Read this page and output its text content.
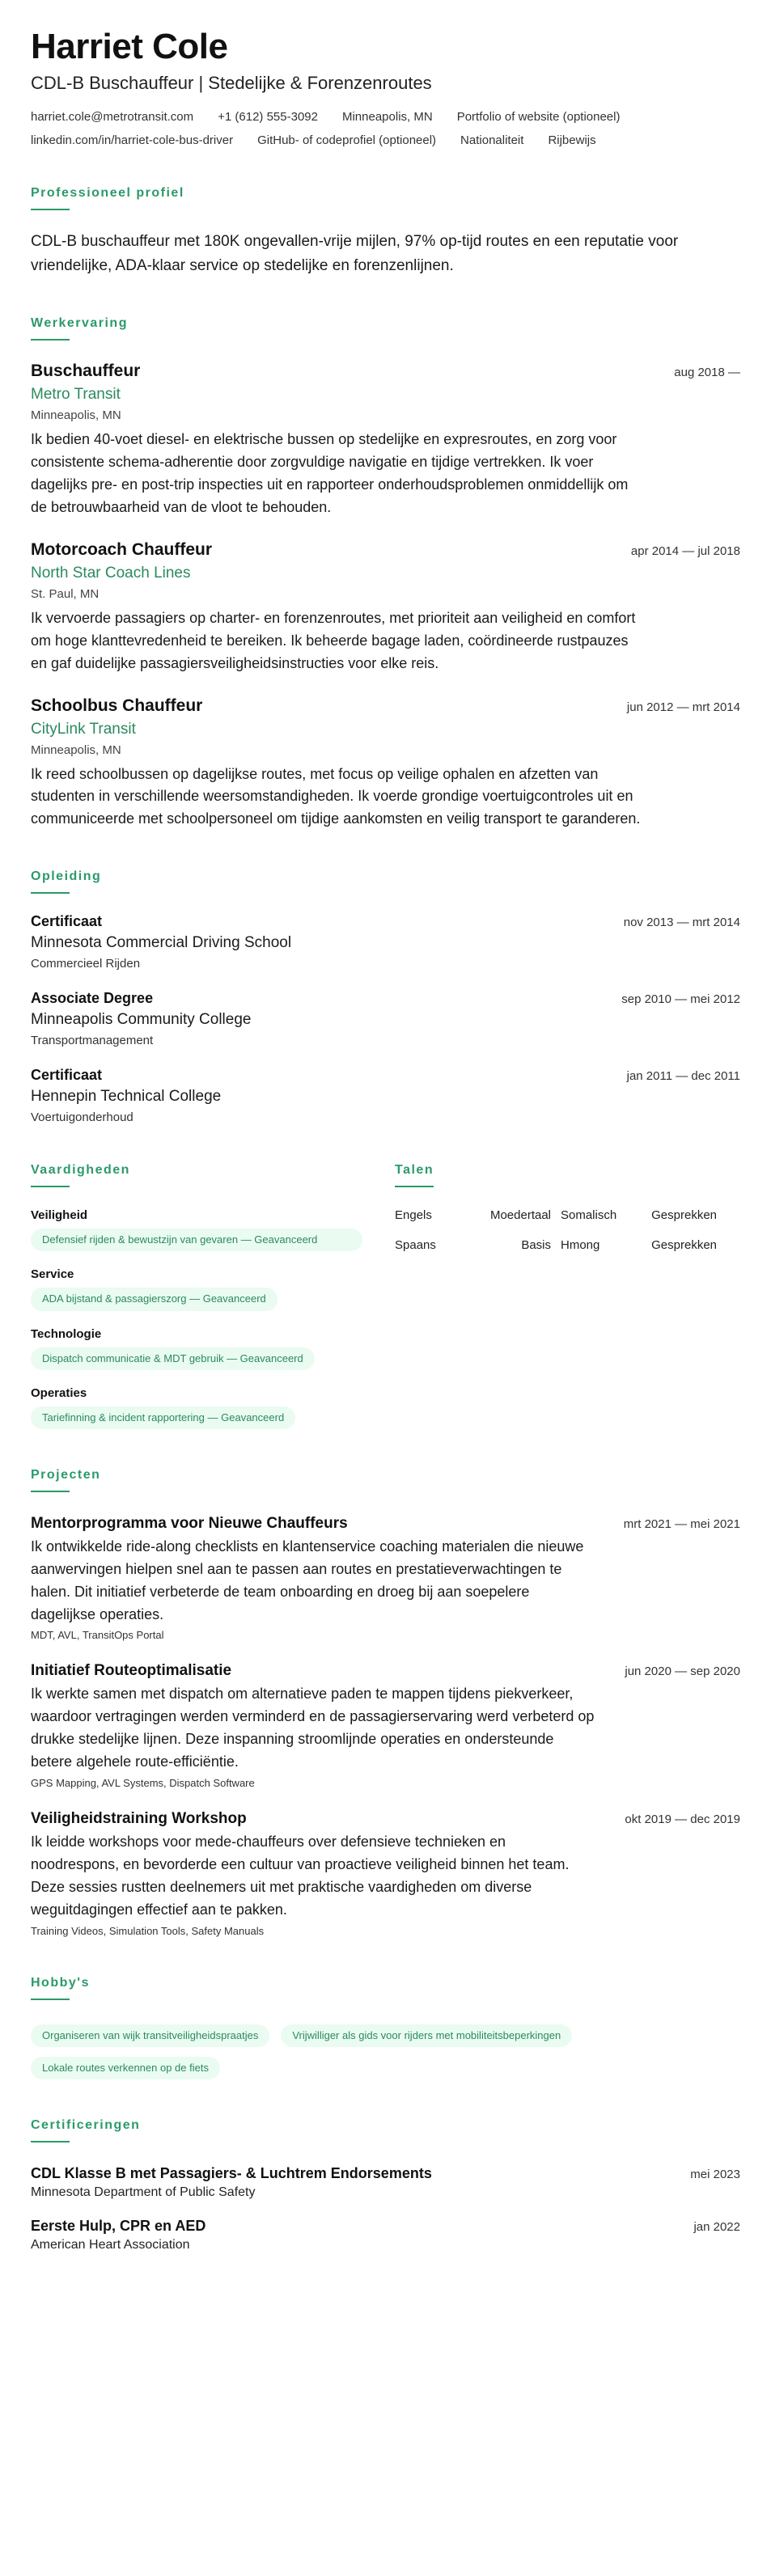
Harriet Cole
CDL-B Buschauffeur | Stedelijke & Forenzenroutes
harriet.cole@metrotransit.com +1 (612) 555-3092 Minneapolis, MN Portfolio of website (optioneel)
linkedin.com/in/harriet-cole-bus-driver GitHub- of codeprofiel (optioneel) Nationaliteit Rijbewijs
Professioneel profiel

CDL-B buschauffeur met 180K ongevallen-vrije mijlen, 97% op-tijd routes en een reputatie voor vriendelijke, ADA-klaar service op stedelijke en forenzenlijnen.

Werkervaring
Buschauffeur	aug 2018 —
Metro Transit
Minneapolis, MN

Ik bedien 40-voet diesel- en elektrische bussen op stedelijke en expresroutes, en zorg voor consistente schema-adherentie door zorgvuldige navigatie en tijdige vertrekken. Ik voer dagelijks pre- en post-trip inspecties uit en rapporteer onderhoudsproblemen onmiddellijk om de betrouwbaarheid van de vloot te behouden.

Motorcoach Chauffeur	apr 2014 — jul 2018
North Star Coach Lines
St. Paul, MN

Ik vervoerde passagiers op charter- en forenzenroutes, met prioriteit aan veiligheid en comfort om hoge klanttevredenheid te bereiken. Ik beheerde bagage laden, coördineerde rustpauzes en gaf duidelijke passagiersveiligheidsinstructies voor elke reis.

Schoolbus Chauffeur	jun 2012 — mrt 2014
CityLink Transit
Minneapolis, MN

Ik reed schoolbussen op dagelijkse routes, met focus op veilige ophalen en afzetten van studenten in verschillende weersomstandigheden. Ik voerde grondige voertuigcontroles uit en communiceerde met schoolpersoneel om tijdige aankomsten en veilig transport te garanderen.

Opleiding
Certificaat	nov 2013 — mrt 2014
Minnesota Commercial Driving School
Commercieel Rijden
Associate Degree	sep 2010 — mei 2012
Minneapolis Community College
Transportmanagement
Certificaat	jan 2011 — dec 2011
Hennepin Technical College
Voertuigonderhoud
Vaardigheden
Veiligheid
Defensief rijden & bewustzijn van gevaren — Geavanceerd
Service
ADA bijstand & passagierszorg — Geavanceerd
Technologie
Dispatch communicatie & MDT gebruik — Geavanceerd
Operaties
Tariefinning & incident rapportering — Geavanceerd
Talen
Engels	Moedertaal Somalisch	Gesprekken
Spaans	Basis Hmong	Gesprekken
Projecten
Mentorprogramma voor Nieuwe Chauffeurs	mrt 2021 — mei 2021

Ik ontwikkelde ride-along checklists en klantenservice coaching materialen die nieuwe aanwervingen hielpen snel aan te passen aan routes en prestatieverwachtingen te halen. Dit initiatief verbeterde de team onboarding en droeg bij aan soepelere dagelijkse operaties.

MDT, AVL, TransitOps Portal
Initiatief Routeoptimalisatie	jun 2020 — sep 2020

Ik werkte samen met dispatch om alternatieve paden te mappen tijdens piekverkeer, waardoor vertragingen werden verminderd en de passagierservaring werd verbeterd op drukke stedelijke lijnen. Deze inspanning stroomlijnde operaties en ondersteunde betere algehele route-efficiëntie.

GPS Mapping, AVL Systems, Dispatch Software
Veiligheidstraining Workshop	okt 2019 — dec 2019

Ik leidde workshops voor mede-chauffeurs over defensieve technieken en noodrespons, en bevorderde een cultuur van proactieve veiligheid binnen het team. Deze sessies rustten deelnemers uit met praktische vaardigheden om diverse weguitdagingen effectief aan te pakken.

Training Videos, Simulation Tools, Safety Manuals
Hobby's
Organiseren van wijk transitveiligheidspraatjes	Vrijwilliger als gids voor rijders met mobiliteitsbeperkingen
Lokale routes verkennen op de fiets
Certificeringen
CDL Klasse B met Passagiers- & Luchtrem Endorsements	mei 2023
Minnesota Department of Public Safety
Eerste Hulp, CPR en AED	jan 2022
American Heart Association
